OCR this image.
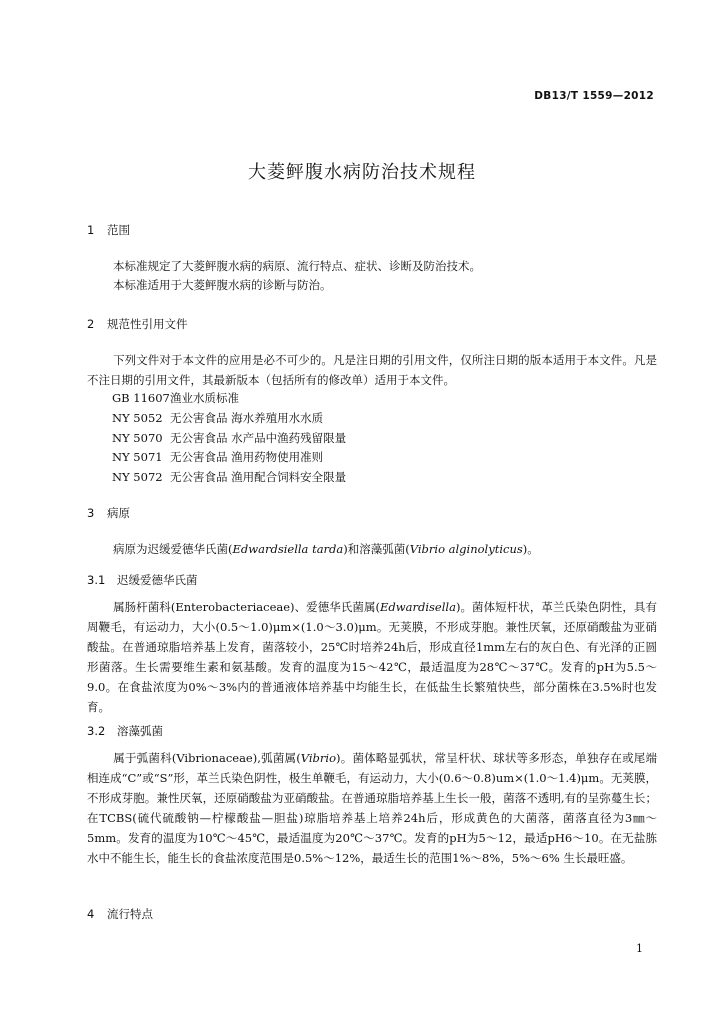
DB13/T 1559—2012
大菱鲆腹水病防治技术规程
1 范围
本标准规定了大菱鲆腹水病的病原、流行特点、症状、诊断及防治技术。
本标准适用于大菱鲆腹水病的诊断与防治。
2 规范性引用文件
下列文件对于本文件的应用是必不可少的。凡是注日期的引用文件，仅所注日期的版本适用于本文件。凡是不注日期的引用文件，其最新版本（包括所有的修改单）适用于本文件。
GB 11607渔业水质标准
NY 5052 无公害食品 海水养殖用水水质
NY 5070 无公害食品 水产品中渔药残留限量
NY 5071 无公害食品 渔用药物使用准则
NY 5072 无公害食品 渔用配合饲料安全限量
3 病原
病原为迟缓爱德华氏菌(Edwardsiella tarda)和溶藻弧菌(Vibrio alginolyticus)。
3.1 迟缓爱德华氏菌
属肠杆菌科(Enterobacteriaceae)、爱德华氏菌属(Edwardisella)。菌体短杆状，革兰氏染色阴性，具有周鞭毛，有运动力，大小(0.5～1.0)μm×(1.0～3.0)μm。无荚膜，不形成芽胞。兼性厌氧，还原硝酸盐为亚硝酸盐。在普通琼脂培养基上发育，菌落较小，25℃时培养24h后，形成直径1mm左右的灰白色、有光泽的正圆形菌落。生长需要维生素和氨基酸。发育的温度为15～42℃，最适温度为28℃～37℃。发育的pH为5.5～9.0。在食盐浓度为0%～3%内的普通液体培养基中均能生长，在低盐生长繁殖快些，部分菌株在3.5%时也发育。
3.2 溶藻弧菌
属于弧菌科(Vibrionaceae),弧菌属(Vibrio)。菌体略显弧状，常呈杆状、球状等多形态，单独存在或尾端相连成“C”或“S”形，革兰氏染色阴性，极生单鞭毛，有运动力，大小(0.6～0.8)um×(1.0～1.4)μm。无荚膜，不形成芽胞。兼性厌氧，还原硝酸盐为亚硝酸盐。在普通琼脂培养基上生长一般，菌落不透明,有的呈弥蔓生长；在TCBS(硫代硫酸钠—柠檬酸盐—胆盐)琼脂培养基上培养24h后，形成黄色的大菌落，菌落直径为3㎜～5mm。发育的温度为10℃～45℃，最适温度为20℃～37℃。发育的pH为5～12，最适pH6～10。在无盐胨水中不能生长，能生长的食盐浓度范围是0.5%～12%，最适生长的范围1%～8%，5%～6% 生长最旺盛。
4 流行特点
1
